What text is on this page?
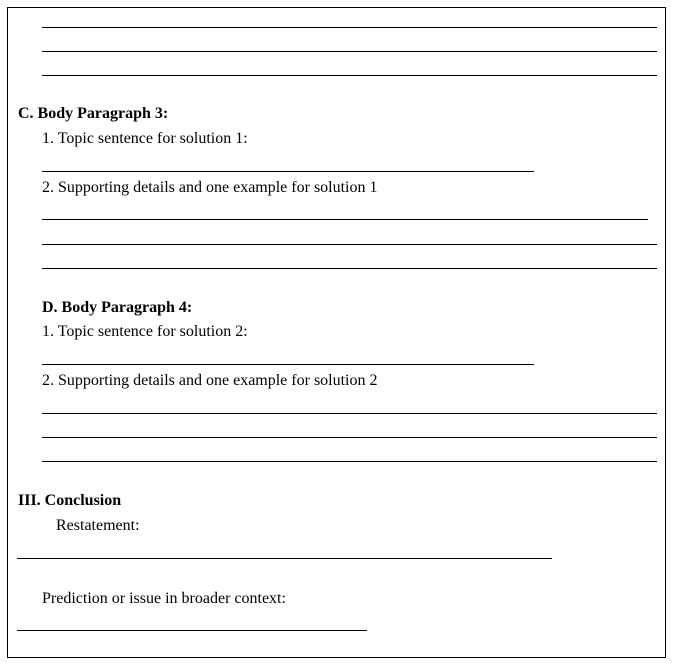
C. Body Paragraph 3:
1. Topic sentence for solution 1:
2. Supporting details and one example for solution 1
D. Body Paragraph 4:
1. Topic sentence for solution 2:
2. Supporting details and one example for solution 2
III. Conclusion
Restatement:
Prediction or issue in broader context:
